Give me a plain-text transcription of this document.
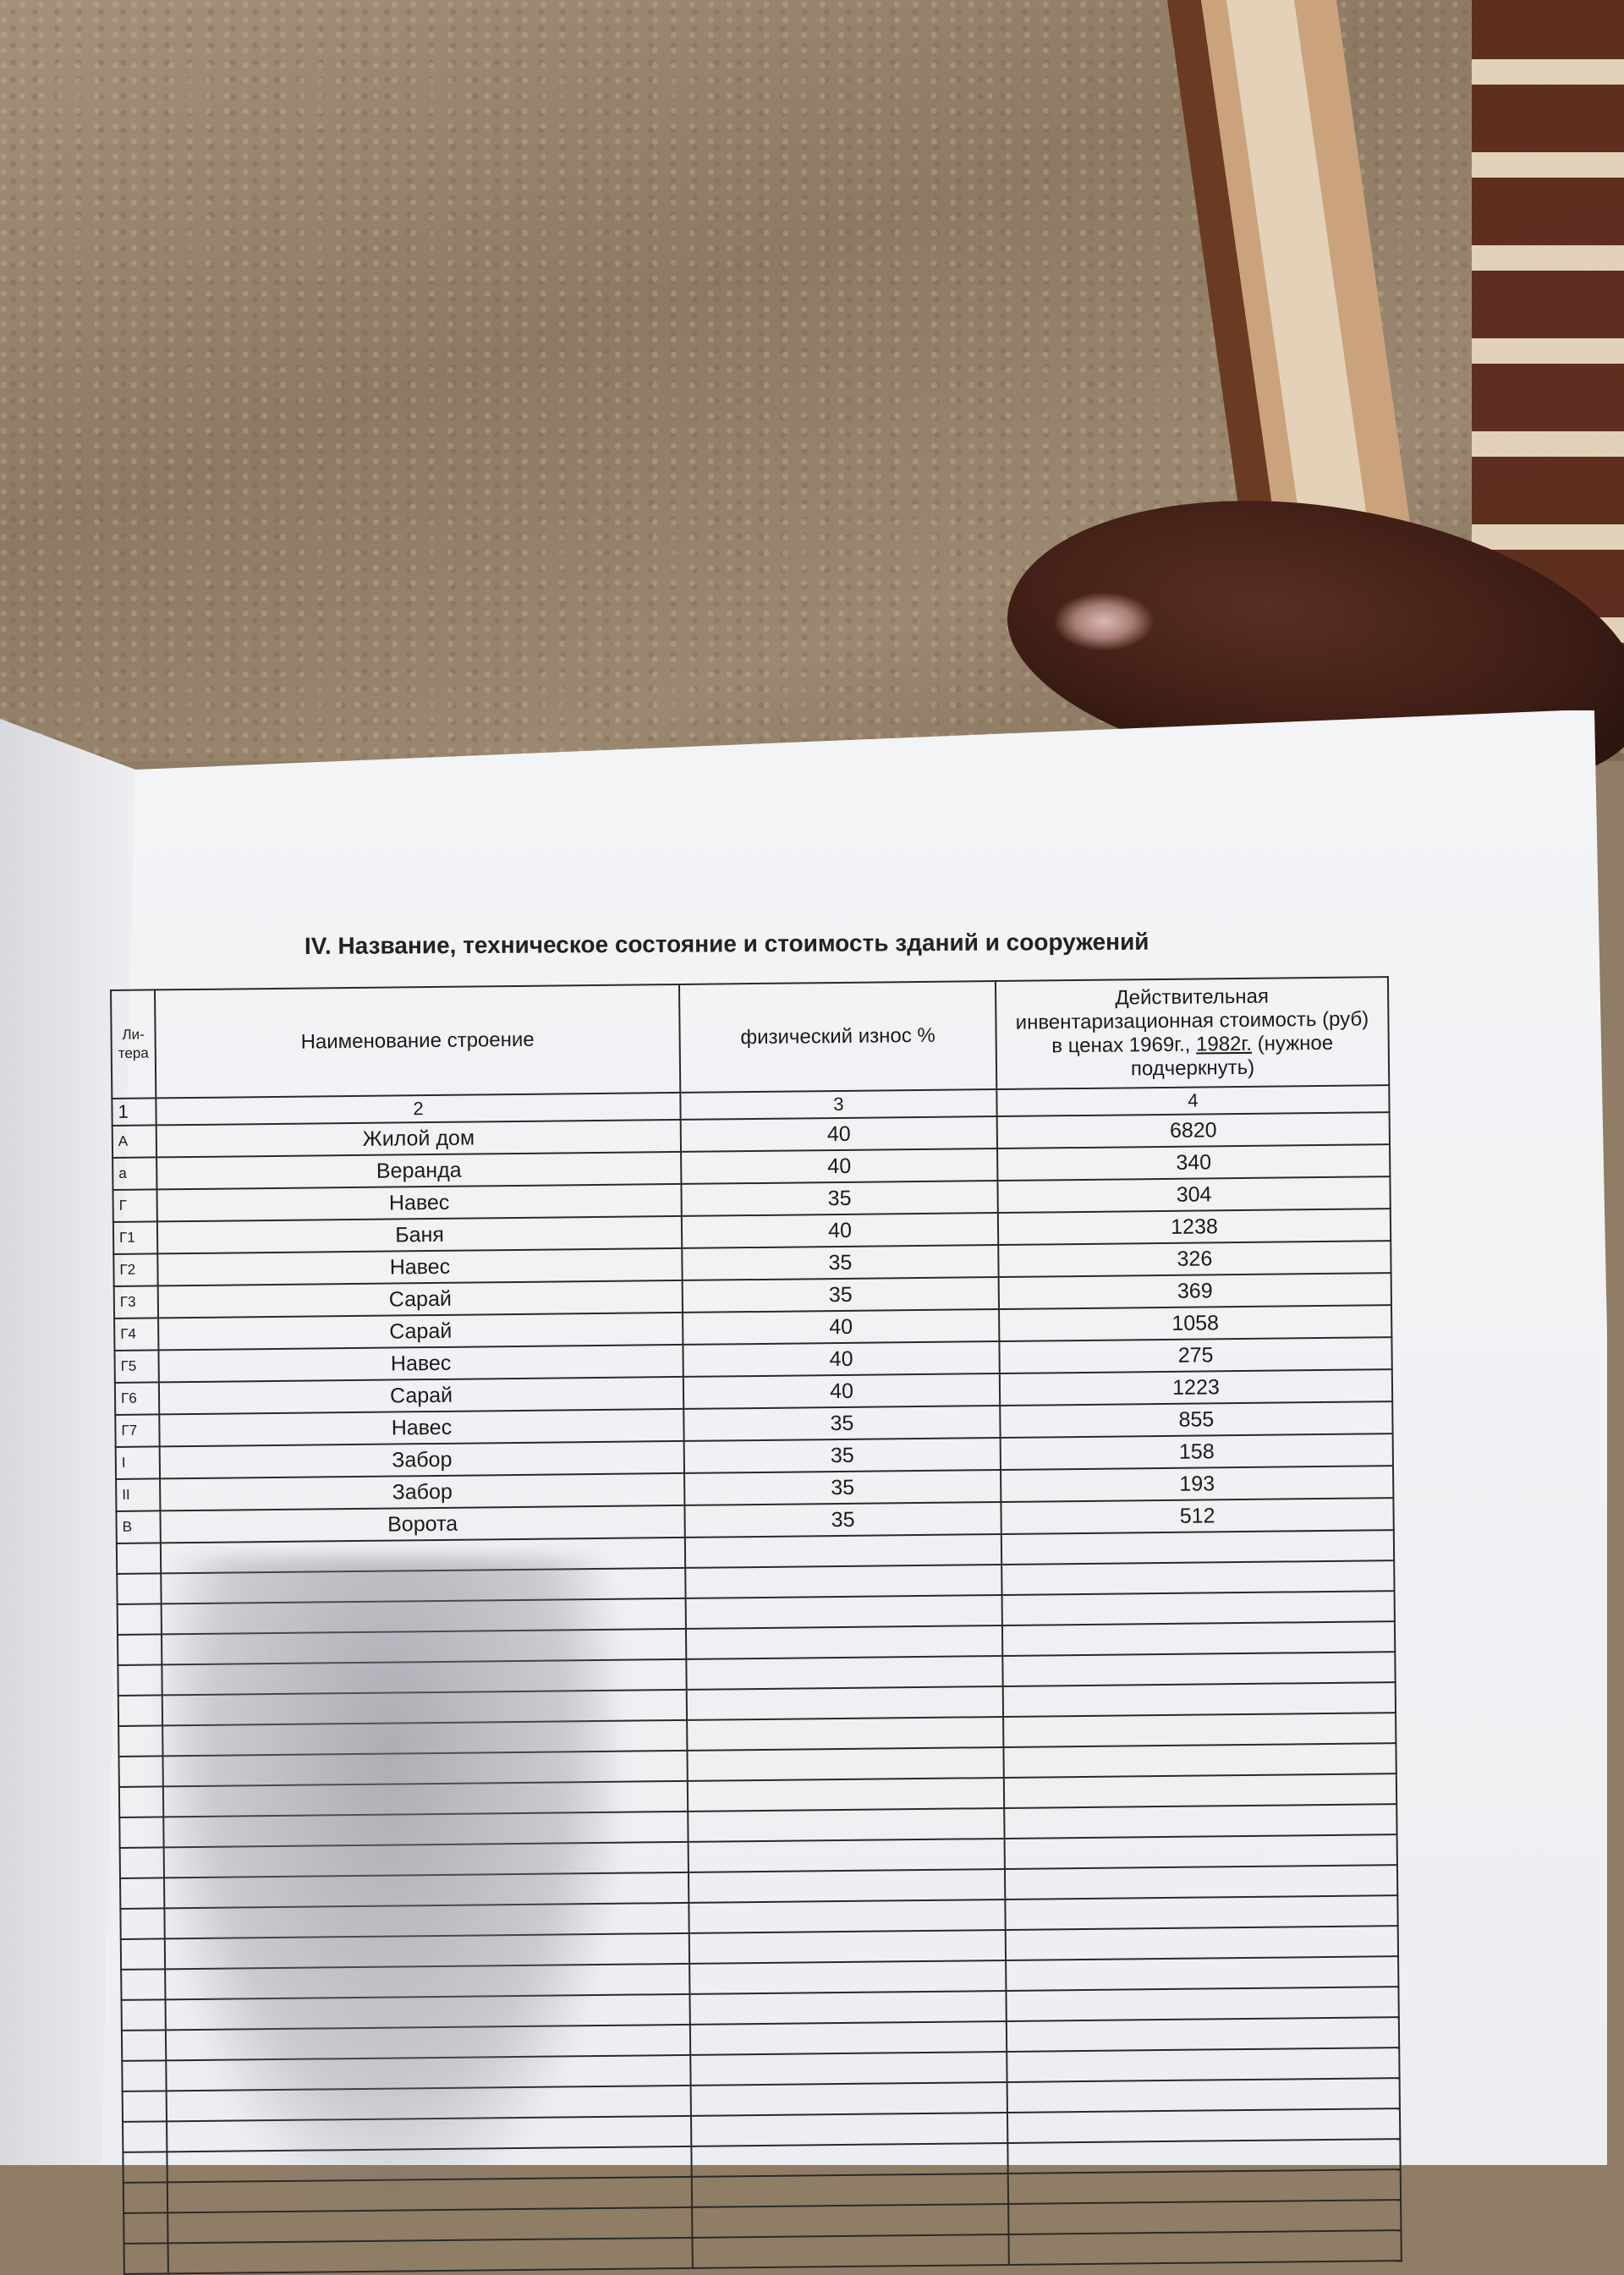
IV. Название, техническое состояние и стоимость зданий и сооружений
Ли-тера	Наименование строение	физический износ %	Действительная
инвентаризационная стоимость (руб)
в ценах 1969г., 1982г. (нужное
подчеркнуть)

1	2	3	4
А	Жилой дом	40	6820
а	Веранда	40	340
Г	Навес	35	304
Г1	Баня	40	1238
Г2	Навес	35	326
Г3	Сарай	35	369
Г4	Сарай	40	1058
Г5	Навес	40	275
Г6	Сарай	40	1223
Г7	Навес	35	855
I	Забор	35	158
II	Забор	35	193
В	Ворота	35	512
